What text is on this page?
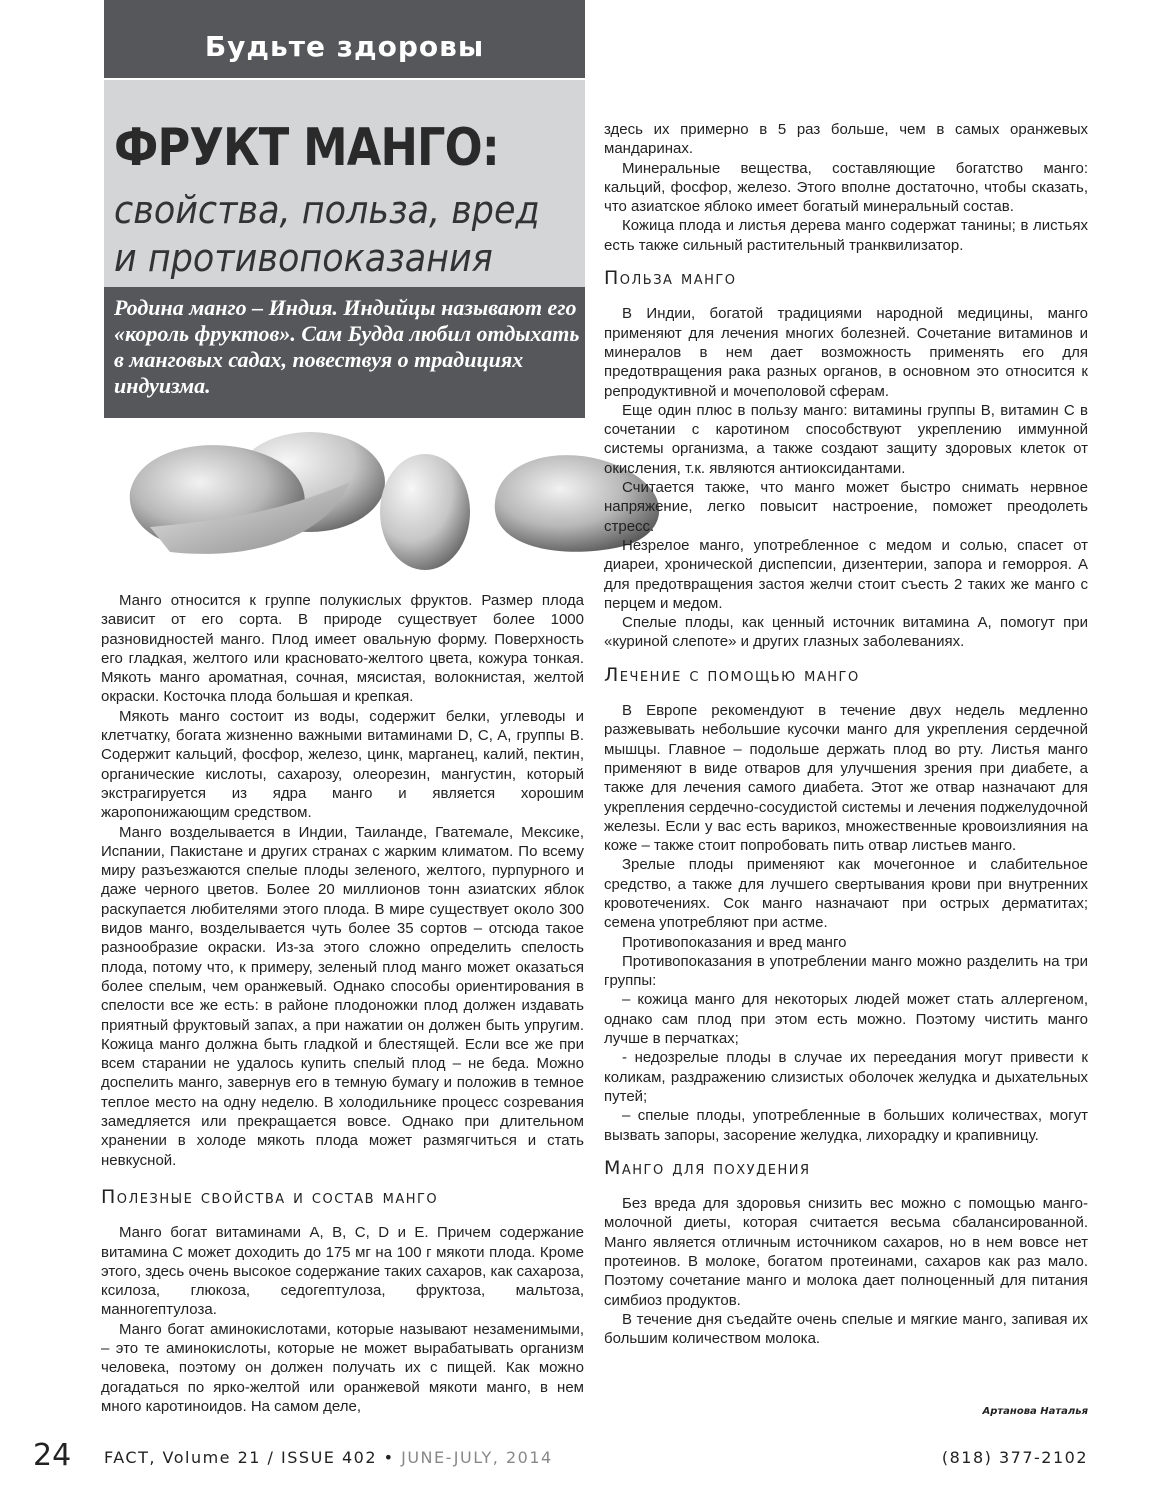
Будьте здоровы
ФРУКТ МАНГО:
свойства, польза, вред
и противопоказания

Родина манго – Индия. Индийцы называют его «король фруктов». Сам Будда любил отдыхать в манговых садах, повествуя о традициях индуизма.

Манго относится к группе полукислых фруктов. Размер плода зависит от его сорта. В природе существует более 1000 разновидностей манго. Плод имеет овальную форму. Поверхность его гладкая, желтого или красновато-желтого цвета, кожура тонкая. Мякоть манго ароматная, сочная, мясистая, волокнистая, желтой окраски. Косточка плода большая и крепкая.

Мякоть манго состоит из воды, содержит белки, углеводы и клетчатку, богата жизненно важными витаминами D, C, A, группы В. Содержит кальций, фосфор, железо, цинк, марганец, калий, пектин, органические кислоты, сахарозу, олеорезин, мангустин, который экстрагируется из ядра манго и является хорошим жаропонижающим средством.

Манго возделывается в Индии, Таиланде, Гватемале, Мексике, Испании, Пакистане и других странах с жарким климатом. По всему миру разъезжаются спелые плоды зеленого, желтого, пурпурного и даже черного цветов. Более 20 миллионов тонн азиатских яблок раскупается любителями этого плода. В мире существует около 300 видов манго, возделывается чуть более 35 сортов – отсюда такое разнообразие окраски. Из-за этого сложно определить спелость плода, потому что, к примеру, зеленый плод манго может оказаться более спелым, чем оранжевый. Однако способы ориентирования в спелости все же есть: в районе плодоножки плод должен издавать приятный фруктовый запах, а при нажатии он должен быть упругим. Кожица манго должна быть гладкой и блестящей. Если все же при всем старании не удалось купить спелый плод – не беда. Можно доспелить манго, завернув его в темную бумагу и положив в темное теплое место на одну неделю. В холодильнике процесс созревания замедляется или прекращается вовсе. Однако при длительном хранении в холоде мякоть плода может размягчиться и стать невкусной.

Полезные свойства и состав манго

Манго богат витаминами А, В, С, D и Е. Причем содержание витамина С может доходить до 175 мг на 100 г мякоти плода. Кроме этого, здесь очень высокое содержание таких сахаров, как сахароза, ксилоза, глюкоза, седогептулоза, фруктоза, мальтоза, манногептулоза.

Манго богат аминокислотами, которые называют незаменимыми, – это те аминокислоты, которые не может вырабатывать организм человека, поэтому он должен получать их с пищей. Как можно догадаться по ярко-желтой или оранжевой мякоти манго, в нем много каротиноидов. На самом деле,

здесь их примерно в 5 раз больше, чем в самых оранжевых мандаринах.

Минеральные вещества, составляющие богатство манго: кальций, фосфор, железо. Этого вполне достаточно, чтобы сказать, что азиатское яблоко имеет богатый минеральный состав.

Кожица плода и листья дерева манго содержат танины; в листьях есть также сильный растительный транквилизатор.

Польза манго

В Индии, богатой традициями народной медицины, манго применяют для лечения многих болезней. Сочетание витаминов и минералов в нем дает возможность применять его для предотвращения рака разных органов, в основном это относится к репродуктивной и мочеполовой сферам.

Еще один плюс в пользу манго: витамины группы В, витамин С в сочетании с каротином способствуют укреплению иммунной системы организма, а также создают защиту здоровых клеток от окисления, т.к. являются антиоксидантами.

Считается также, что манго может быстро снимать нервное напряжение, легко повысит настроение, поможет преодолеть стресс.

Незрелое манго, употребленное с медом и солью, спасет от диареи, хронической диспепсии, дизентерии, запора и геморроя. А для предотвращения застоя желчи стоит съесть 2 таких же манго с перцем и медом.

Спелые плоды, как ценный источник витамина А, помогут при «куриной слепоте» и других глазных заболеваниях.

Лечение с помощью манго

В Европе рекомендуют в течение двух недель медленно разжевывать небольшие кусочки манго для укрепления сердечной мышцы. Главное – подольше держать плод во рту. Листья манго применяют в виде отваров для улучшения зрения при диабете, а также для лечения самого диабета. Этот же отвар назначают для укрепления сердечно-сосудистой системы и лечения поджелудочной железы. Если у вас есть варикоз, множественные кровоизлияния на коже – также стоит попробовать пить отвар листьев манго.

Зрелые плоды применяют как мочегонное и слабительное средство, а также для лучшего свертывания крови при внутренних кровотечениях. Сок манго назначают при острых дерматитах; семена употребляют при астме.

Противопоказания и вред манго

Противопоказания в употреблении манго можно разделить на три группы:

– кожица манго для некоторых людей может стать аллергеном, однако сам плод при этом есть можно. Поэтому чистить манго лучше в перчатках;

- недозрелые плоды в случае их переедания могут привести к коликам, раздражению слизистых оболочек желудка и дыхательных путей;

– спелые плоды, употребленные в больших количествах, могут вызвать запоры, засорение желудка, лихорадку и крапивницу.

Манго для похудения

Без вреда для здоровья снизить вес можно с помощью манго-молочной диеты, которая считается весьма сбалансированной. Манго является отличным источником сахаров, но в нем вовсе нет протеинов. В молоке, богатом протеинами, сахаров как раз мало. Поэтому сочетание манго и молока дает полноценный для питания симбиоз продуктов.

В течение дня съедайте очень спелые и мягкие манго, запивая их большим количеством молока.

Артанова Наталья
24 FACT, Volume 21 / ISSUE 402 • JUNE-JULY, 2014	(818) 377-2102
